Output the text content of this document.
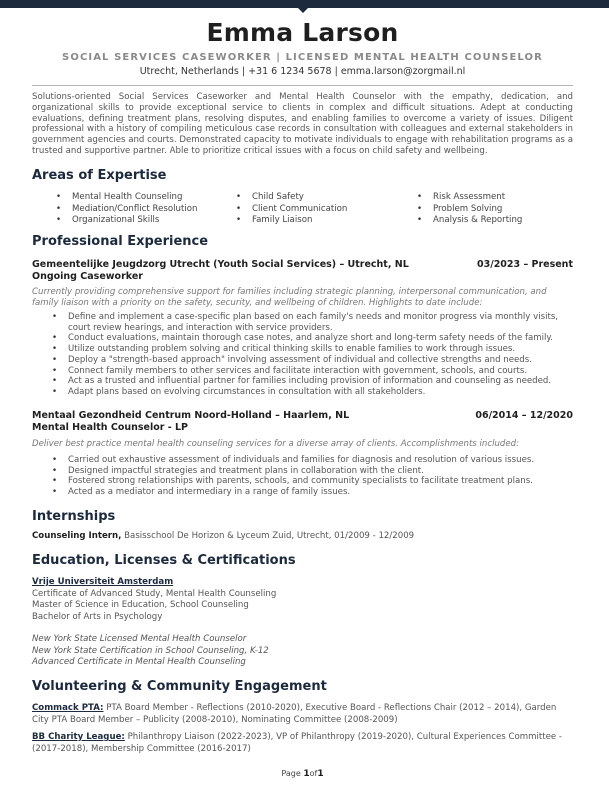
Emma Larson
SOCIAL SERVICES CASEWORKER | LICENSED MENTAL HEALTH COUNSELOR
Utrecht, Netherlands | +31 6 1234 5678 | emma.larson@zorgmail.nl
Solutions-oriented Social Services Caseworker and Mental Health Counselor with the empathy, dedication, and organizational skills to provide exceptional service to clients in complex and difficult situations. Adept at conducting evaluations, defining treatment plans, resolving disputes, and enabling families to overcome a variety of issues. Diligent professional with a history of compiling meticulous case records in consultation with colleagues and external stakeholders in government agencies and courts. Demonstrated capacity to motivate individuals to engage with rehabilitation programs as a trusted and supportive partner. Able to prioritize critical issues with a focus on child safety and wellbeing.
Areas of Expertise
• Mental Health Counseling
• Mediation/Conflict Resolution
• Organizational Skills
• Child Safety
• Client Communication
• Family Liaison
• Risk Assessment
• Problem Solving
• Analysis & Reporting
Professional Experience
Gemeentelijke Jeugdzorg Utrecht (Youth Social Services) – Utrecht, NL	03/2023 – Present
Ongoing Caseworker
Currently providing comprehensive support for families including strategic planning, interpersonal communication, and family liaison with a priority on the safety, security, and wellbeing of children. Highlights to date include:
• Define and implement a case-specific plan based on each family's needs and monitor progress via monthly visits, court review hearings, and interaction with service providers.
• Conduct evaluations, maintain thorough case notes, and analyze short and long-term safety needs of the family.
• Utilize outstanding problem solving and critical thinking skills to enable families to work through issues.
• Deploy a "strength-based approach" involving assessment of individual and collective strengths and needs.
• Connect family members to other services and facilitate interaction with government, schools, and courts.
• Act as a trusted and influential partner for families including provision of information and counseling as needed.
• Adapt plans based on evolving circumstances in consultation with all stakeholders.
Mentaal Gezondheid Centrum Noord-Holland – Haarlem, NL	06/2014 – 12/2020
Mental Health Counselor - LP
Deliver best practice mental health counseling services for a diverse array of clients. Accomplishments included:
• Carried out exhaustive assessment of individuals and families for diagnosis and resolution of various issues.
• Designed impactful strategies and treatment plans in collaboration with the client.
• Fostered strong relationships with parents, schools, and community specialists to facilitate treatment plans.
• Acted as a mediator and intermediary in a range of family issues.
Internships
Counseling Intern, Basisschool De Horizon & Lyceum Zuid, Utrecht, 01/2009 - 12/2009
Education, Licenses & Certifications
Vrije Universiteit Amsterdam
Certificate of Advanced Study, Mental Health Counseling
Master of Science in Education, School Counseling
Bachelor of Arts in Psychology
New York State Licensed Mental Health Counselor
New York State Certification in School Counseling, K-12
Advanced Certificate in Mental Health Counseling
Volunteering & Community Engagement
Commack PTA: PTA Board Member - Reflections (2010-2020), Executive Board - Reflections Chair (2012 – 2014), Garden City PTA Board Member – Publicity (2008-2010), Nominating Committee (2008-2009)
BB Charity League: Philanthropy Liaison (2022-2023), VP of Philanthropy (2019-2020), Cultural Experiences Committee - (2017-2018), Membership Committee (2016-2017)
Page 1of1
